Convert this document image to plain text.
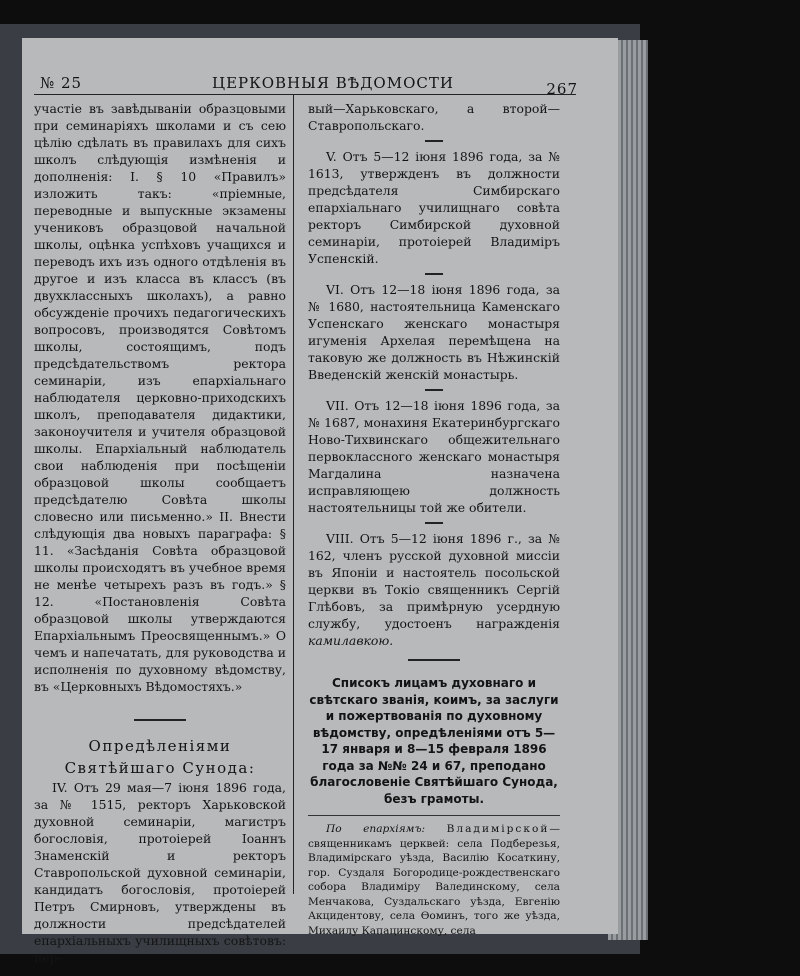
№ 25	ЦЕРКОВНЫЯ ВѢДОМОСТИ	267

участіе въ завѣдываніи образцовыми при семинаріяхъ школами и съ сею цѣлію сдѣлать въ правилахъ для сихъ школъ слѣдующія измѣненія и дополненія: I. § 10 «Правилъ» изложить такъ: «пріемные, переводные и выпускные экзамены учениковъ образцовой начальной школы, оцѣнка успѣховъ учащихся и переводъ ихъ изъ одного отдѣленія въ другое и изъ класса въ классъ (въ двухклассныхъ школахъ), а равно обсужденіе прочихъ педагогическихъ вопросовъ, производятся Совѣтомъ школы, состоящимъ, подъ предсѣдательствомъ ректора семинаріи, изъ епархіальнаго наблюдателя церковно-приходскихъ школъ, преподавателя дидактики, законоучителя и учителя образцовой школы. Епархіальный наблюдатель свои наблюденія при посѣщеніи образцовой школы сообщаетъ предсѣдателю Совѣта школы словесно или письменно.» II. Внести слѣдующія два новыхъ параграфа: § 11. «Засѣданія Совѣта образцовой школы происходятъ въ учебное время не менѣе четырехъ разъ въ годъ.» § 12. «Постановленія Совѣта образцовой школы утверждаются Епархіальнымъ Преосвященнымъ.» О чемъ и напечатать, для руководства и исполненія по духовному вѣдомству, въ «Церковныхъ Вѣдомостяхъ.»

Опредѣленіями Святѣйшаго Сунода:

IV. Отъ 29 мая—7 іюня 1896 года, за № 1515, ректоръ Харьковской духовной семинаріи, магистръ богословія, протоіерей Іоаннъ Знаменскій и ректоръ Ставропольской духовной семинаріи, кандидатъ богословія, протоіерей Петръ Смирновъ, утверждены въ должности предсѣдателей епархіальныхъ училищныхъ совѣтовъ: пер-

вый—Харьковскаго, а второй—Ставропольскаго.

V. Отъ 5—12 іюня 1896 года, за № 1613, утвержденъ въ должности предсѣдателя Симбирскаго епархіальнаго училищнаго совѣта ректоръ Симбирской духовной семинаріи, протоіерей Владиміръ Успенскій.

VI. Отъ 12—18 іюня 1896 года, за № 1680, настоятельница Каменскаго Успенскаго женскаго монастыря игуменія Архелая перемѣщена на таковую же должность въ Нѣжинскій Введенскій женскій монастырь.

VII. Отъ 12—18 іюня 1896 года, за № 1687, монахиня Екатеринбургскаго Ново-Тихвинскаго общежительнаго первоклассного женскаго монастыря Магдалина назначена исправляющею должность настоятельницы той же обители.

VIII. Отъ 5—12 іюня 1896 г., за № 162, членъ русской духовной миссіи въ Японіи и настоятель посольской церкви въ Токіо священникъ Сергій Глѣбовъ, за примѣрную усердную службу, удостоенъ награжденія камилавкою.

Списокъ лицамъ духовнаго и свѣтскаго званія, коимъ, за заслуги и пожертвованія по духовному вѣдомству, опредѣленіями отъ 5—17 января и 8—15 февраля 1896 года за №№ 24 и 67, преподано благословеніе Святѣйшаго Сунода, безъ грамоты.

По епархіямъ: Владимірской—священникамъ церквей: села Подберезья, Владимірскаго уѣзда, Василію Косаткину, гор. Суздаля Богородице-рождественскаго собора Владиміру Валединскому, села Менчакова, Суздальскаго уѣзда, Евгенію Акцидентову, села Ѳоминъ, того же уѣзда, Михаилу Капацинскому, села
